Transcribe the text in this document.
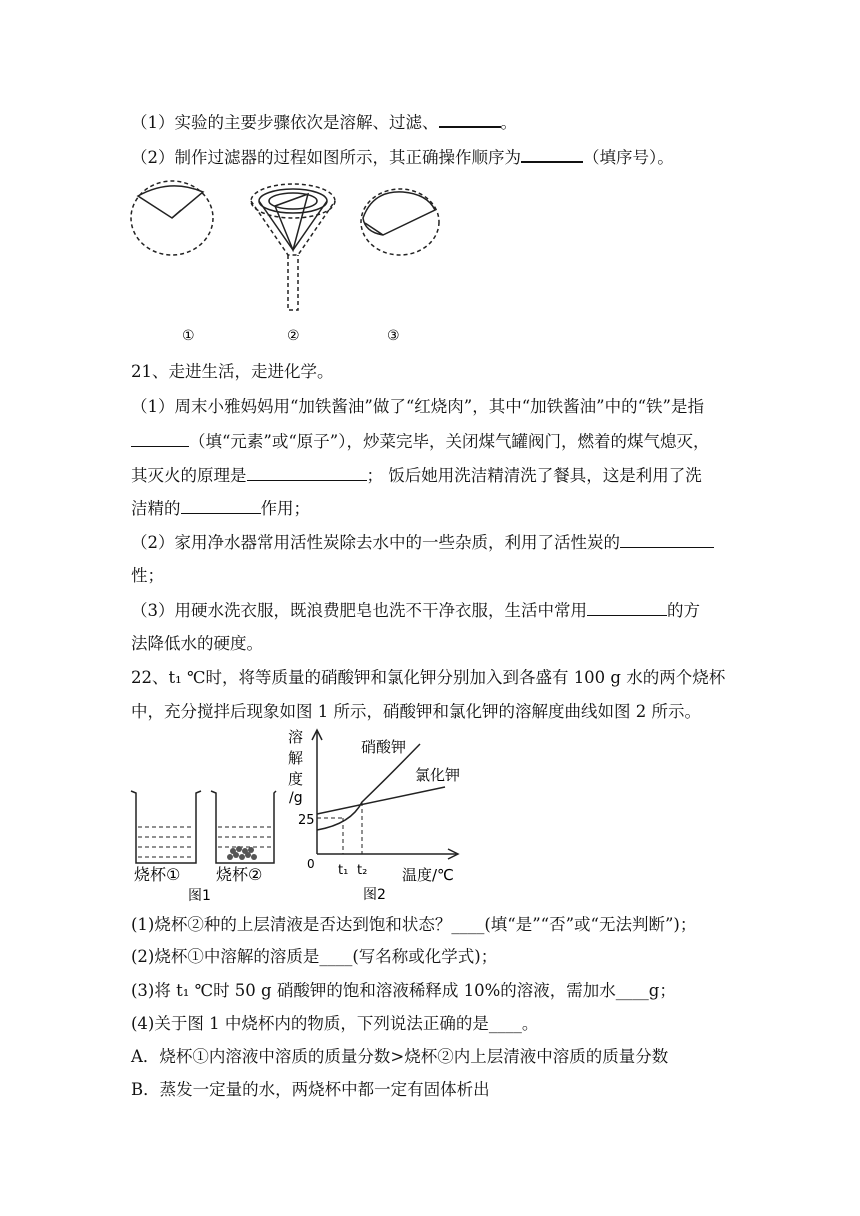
（1）实验的主要步骤依次是溶解、过滤、	。
（2）制作过滤器的过程如图所示，其正确操作顺序为	（填序号）。
①	②	③
21、走进生活，走进化学。
（1）周末小雅妈妈用“加铁酱油”做了“红烧肉”，其中“加铁酱油”中的“铁”是指
（填“元素”或“原子”），炒菜完毕，关闭煤气罐阀门，燃着的煤气熄灭，
其灭火的原理是	； 饭后她用洗洁精清洗了餐具，这是利用了洗
洁精的	作用；
（2）家用净水器常用活性炭除去水中的一些杂质，利用了活性炭的
性；
（3）用硬水洗衣服，既浪费肥皂也洗不干净衣服，生活中常用	的方
法降低水的硬度。
22、t₁ ℃时，将等质量的硝酸钾和氯化钾分别加入到各盛有 100 g 水的两个烧杯
中，充分搅拌后现象如图 1 所示，硝酸钾和氯化钾的溶解度曲线如图 2 所示。
烧杯① 烧杯②
图1
溶
解
度
/g
硝酸钾
氯化钾
25
0 t₁ t₂ 温度/℃
图2
(1)烧杯②种的上层清液是否达到饱和状态？____(填“是”“否”或“无法判断”)；
(2)烧杯①中溶解的溶质是____(写名称或化学式)；
(3)将 t₁ ℃时 50 g 硝酸钾的饱和溶液稀释成 10%的溶液，需加水____g；
(4)关于图 1 中烧杯内的物质，下列说法正确的是____。
A．烧杯①内溶液中溶质的质量分数>烧杯②内上层清液中溶质的质量分数
B．蒸发一定量的水，两烧杯中都一定有固体析出
